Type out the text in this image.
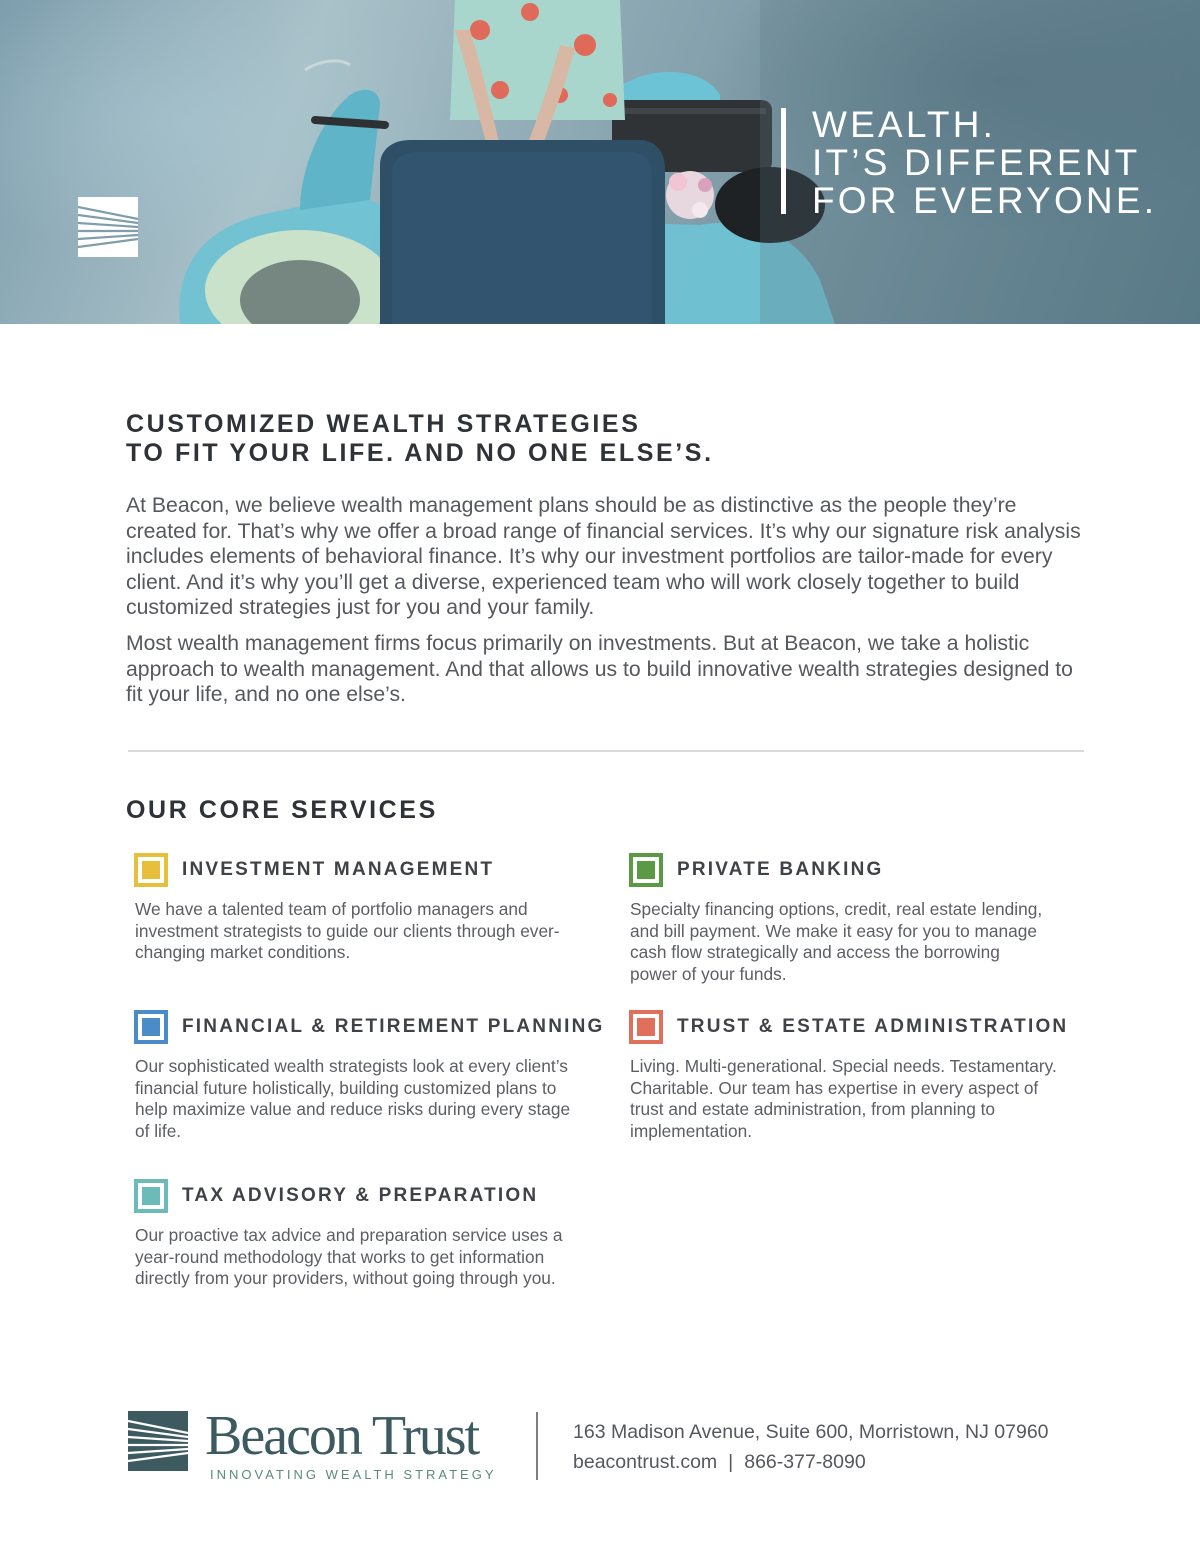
WEALTH.
IT’S DIFFERENT
FOR EVERYONE.
CUSTOMIZED WEALTH STRATEGIES
TO FIT YOUR LIFE. AND NO ONE ELSE’S.

At Beacon, we believe wealth management plans should be as distinctive as the people they’re created for. That’s why we offer a broad range of financial services. It’s why our signature risk analysis includes elements of behavioral finance. It’s why our investment portfolios are tailor-made for every client. And it’s why you’ll get a diverse, experienced team who will work closely together to build customized strategies just for you and your family.

Most wealth management firms focus primarily on investments. But at Beacon, we take a holistic approach to wealth management. And that allows us to build innovative wealth strategies designed to fit your life, and no one else’s.

OUR CORE SERVICES
INVESTMENT MANAGEMENT
We have a talented team of portfolio managers and investment strategists to guide our clients through ever-changing market conditions.
PRIVATE BANKING
Specialty financing options, credit, real estate lending, and bill payment. We make it easy for you to manage cash flow strategically and access the borrowing power of your funds.
FINANCIAL & RETIREMENT PLANNING
Our sophisticated wealth strategists look at every client’s financial future holistically, building customized plans to help maximize value and reduce risks during every stage of life.
TRUST & ESTATE ADMINISTRATION
Living. Multi-generational. Special needs. Testamentary. Charitable. Our team has expertise in every aspect of trust and estate administration, from planning to implementation.
TAX ADVISORY & PREPARATION
Our proactive tax advice and preparation service uses a year-round methodology that works to get information directly from your providers, without going through you.
Beacon Trust
INNOVATING WEALTH STRATEGY
163 Madison Avenue, Suite 600, Morristown, NJ 07960
beacontrust.com | 866-377-8090
